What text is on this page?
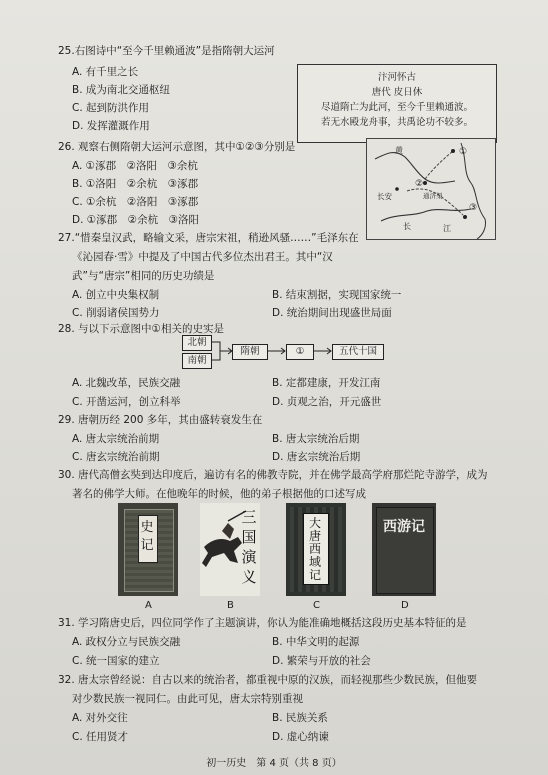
25.右图诗中“至今千里赖通波”是指隋朝大运河
A. 有千里之长
B. 成为南北交通枢纽
C. 起到防洪作用
D. 发挥灌溉作用
汴河怀古
唐代 皮日休
尽道隋亡为此河，至今千里赖通波。
若无水殿龙舟事，共禹论功不较多。
26. 观察右侧隋朝大运河示意图，其中①②③分别是
A. ①涿郡　②洛阳　③余杭
B. ①洛阳　②余杭　③涿郡
C. ①余杭　②洛阳　③涿郡
D. ①涿郡　②余杭　③洛阳
黄
长安	通济渠
长	江
①
②
③
27.“惜秦皇汉武，略输文采，唐宗宋祖，稍逊风骚……”毛泽东在
《沁园春·雪》中提及了中国古代多位杰出君王。其中“汉
武”与“唐宗”相同的历史功绩是
A. 创立中央集权制	B. 结束割据，实现国家统一
C. 削弱诸侯国势力	D. 统治期间出现盛世局面
28. 与以下示意图中①相关的史实是
北朝
南朝
隋朝	①	五代十国
A. 北魏改革，民族交融	B. 定都建康，开发江南
C. 开凿运河，创立科举	D. 贞观之治，开元盛世
29. 唐朝历经 200 多年，其由盛转衰发生在
A. 唐太宗统治前期	B. 唐太宗统治后期
C. 唐玄宗统治前期	D. 唐玄宗统治后期
30. 唐代高僧玄奘到达印度后，遍访有名的佛教寺院，并在佛学最高学府那烂陀寺游学，成为
著名的佛学大师。在他晚年的时候，他的弟子根据他的口述写成
史记
三国演义
大唐西域记
西游记
A	B	C	D
31. 学习隋唐史后，四位同学作了主题演讲，你认为能准确地概括这段历史基本特征的是
A. 政权分立与民族交融	B. 中华文明的起源
C. 统一国家的建立	D. 繁荣与开放的社会
32. 唐太宗曾经说：自古以来的统治者，都重视中原的汉族，而轻视那些少数民族，但他要
对少数民族一视同仁。由此可见，唐太宗特别重视
A. 对外交往	B. 民族关系
C. 任用贤才	D. 虚心纳谏
初一历史　第 4 页（共 8 页）
